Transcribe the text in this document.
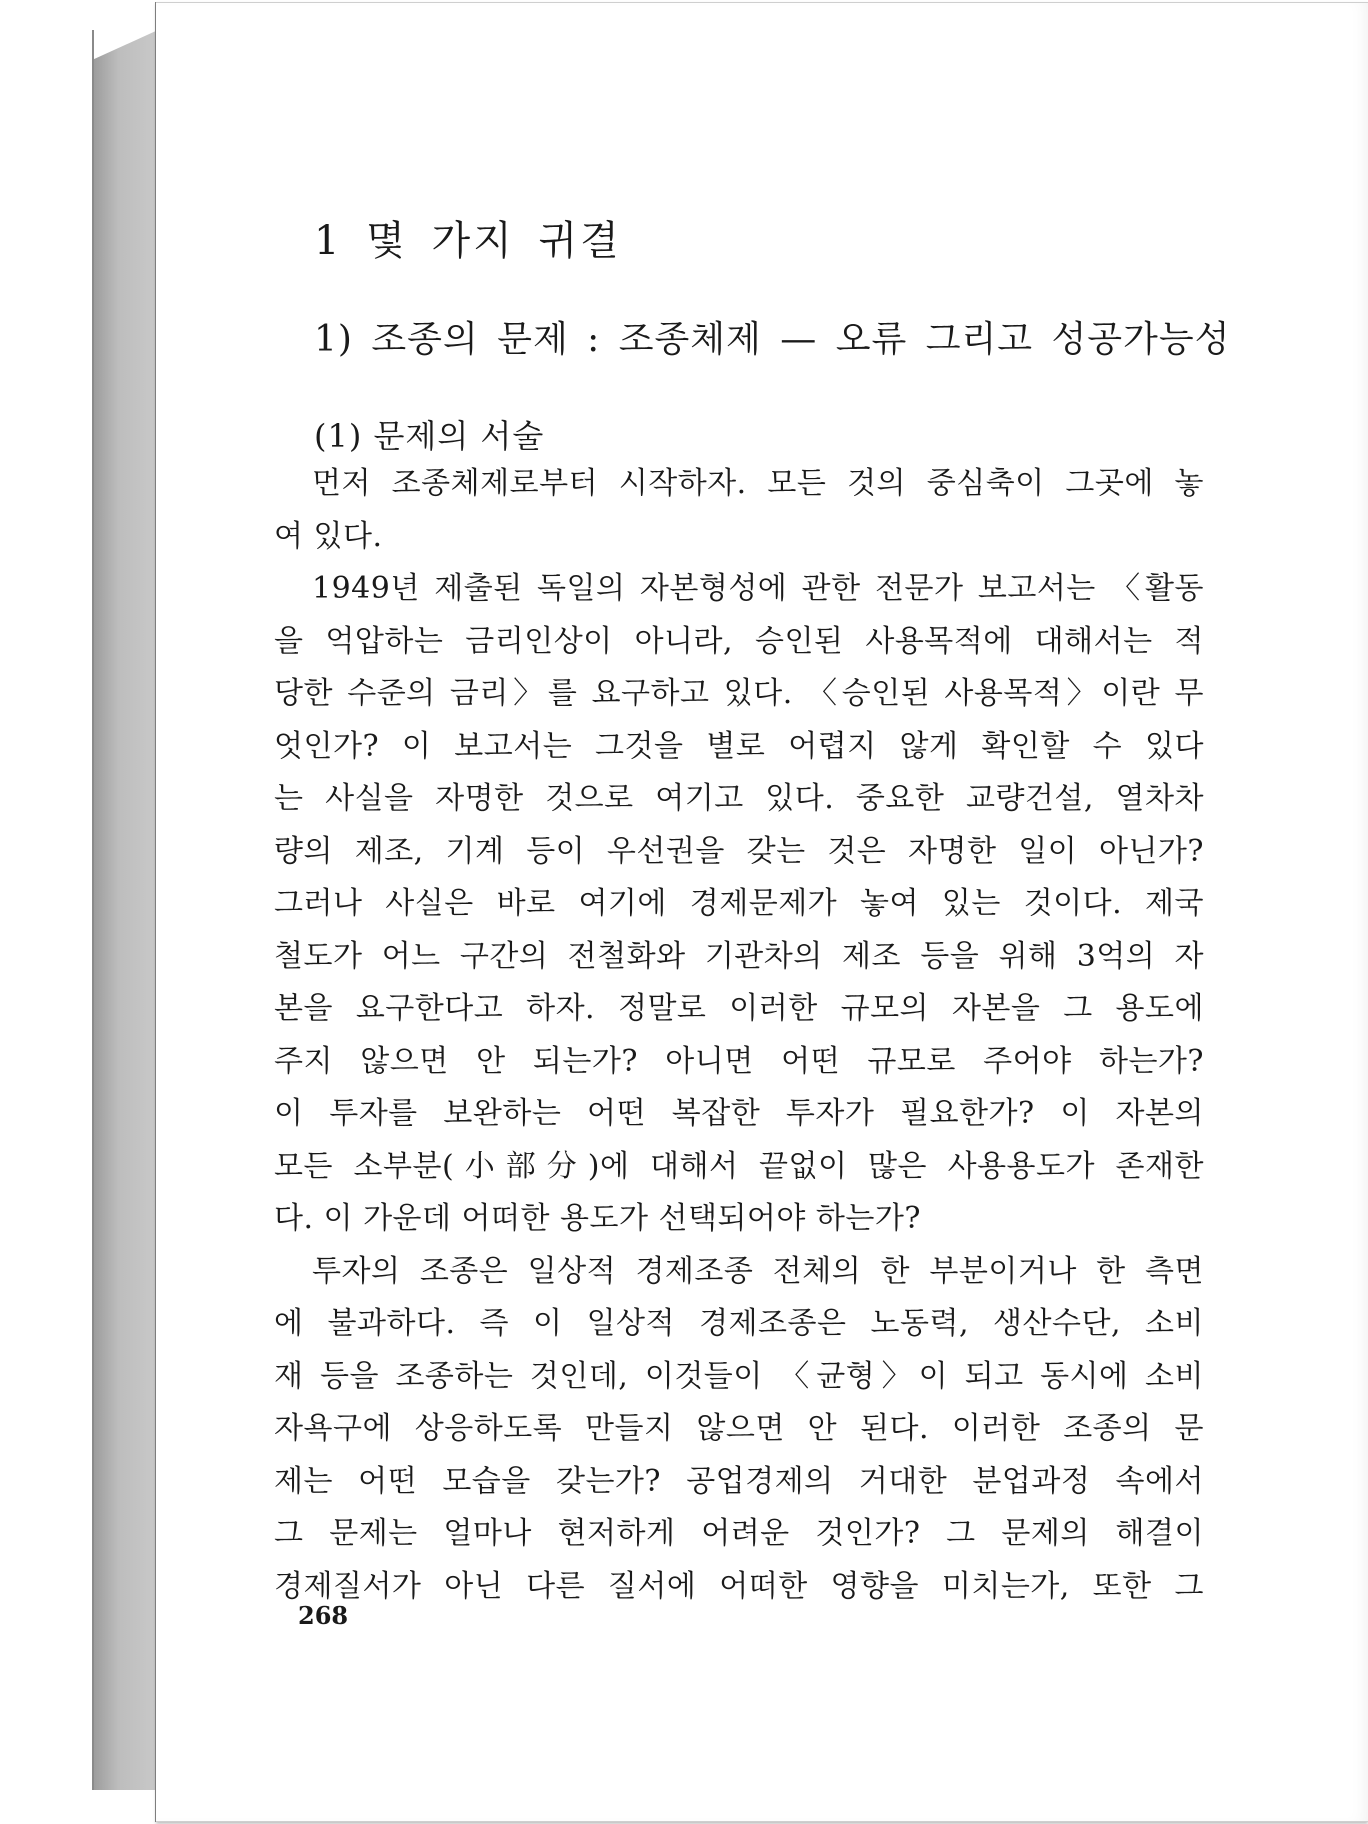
1 몇 가지 귀결
1) 조종의 문제 : 조종체제 — 오류 그리고 성공가능성
(1) 문제의 서술
먼저 조종체제로부터 시작하자. 모든 것의 중심축이 그곳에 놓
여 있다.
1949년 제출된 독일의 자본형성에 관한 전문가 보고서는 〈활동
을 억압하는 금리인상이 아니라, 승인된 사용목적에 대해서는 적
당한 수준의 금리〉를 요구하고 있다. 〈승인된 사용목적〉이란 무
엇인가? 이 보고서는 그것을 별로 어렵지 않게 확인할 수 있다
는 사실을 자명한 것으로 여기고 있다. 중요한 교량건설, 열차차
량의 제조, 기계 등이 우선권을 갖는 것은 자명한 일이 아닌가?
그러나 사실은 바로 여기에 경제문제가 놓여 있는 것이다. 제국
철도가 어느 구간의 전철화와 기관차의 제조 등을 위해 3억의 자
본을 요구한다고 하자. 정말로 이러한 규모의 자본을 그 용도에
주지 않으면 안 되는가? 아니면 어떤 규모로 주어야 하는가?
이 투자를 보완하는 어떤 복잡한 투자가 필요한가? 이 자본의
모든 소부분(小部分)에 대해서 끝없이 많은 사용용도가 존재한
다. 이 가운데 어떠한 용도가 선택되어야 하는가?
투자의 조종은 일상적 경제조종 전체의 한 부분이거나 한 측면
에 불과하다. 즉 이 일상적 경제조종은 노동력, 생산수단, 소비
재 등을 조종하는 것인데, 이것들이 〈균형〉이 되고 동시에 소비
자욕구에 상응하도록 만들지 않으면 안 된다. 이러한 조종의 문
제는 어떤 모습을 갖는가? 공업경제의 거대한 분업과정 속에서
그 문제는 얼마나 현저하게 어려운 것인가? 그 문제의 해결이
경제질서가 아닌 다른 질서에 어떠한 영향을 미치는가, 또한 그
268
